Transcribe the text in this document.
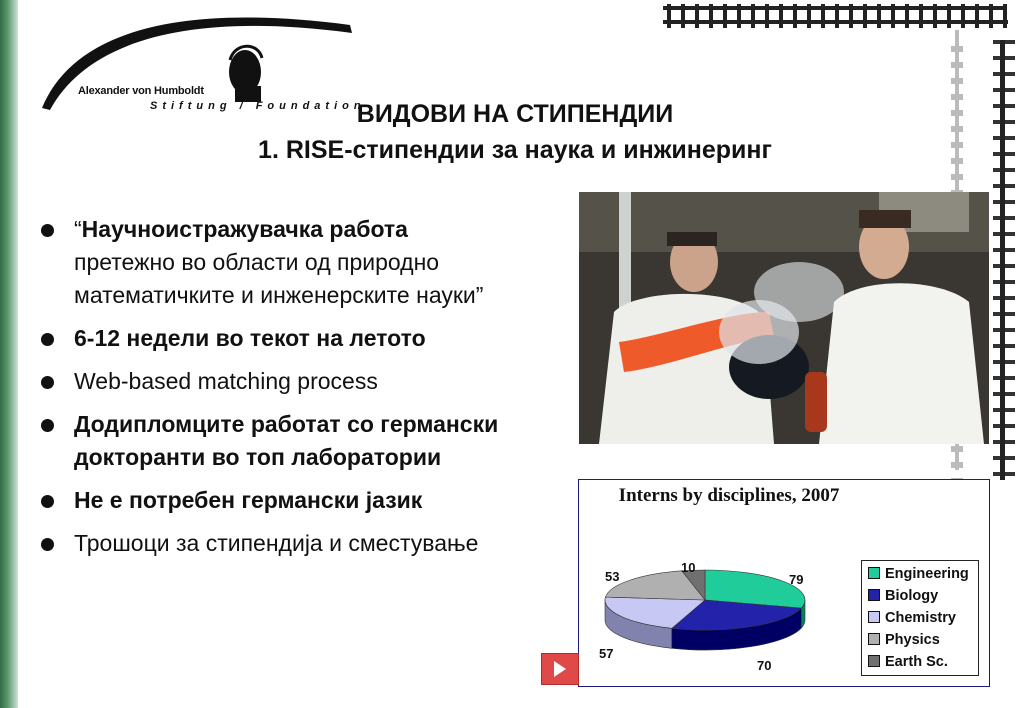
Alexander von Humboldt
Stiftung / Foundation
ВИДОВИ НА СТИПЕНДИИ
1. RISE-стипендии за наука и инжинеринг
“Научноистражувачка работа
претежно во области од природно математичките и инженерските науки”
6-12 недели во текот на летото
Web-based matching process
Додипломците работат со германски докторанти во топ лаборатории
Не е потребен германски јазик
Трошоци за стипендија и сместување
Interns by disciplines, 2007
53
10
79
57
70
Engineering
Biology
Chemistry
Physics
Earth Sc.
